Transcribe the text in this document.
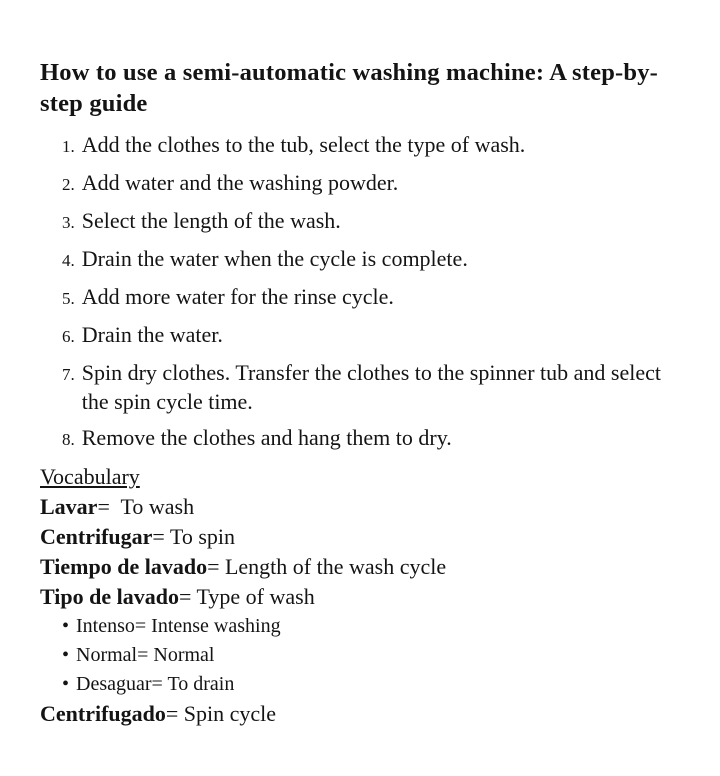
How to use a semi-automatic washing machine: A step-by-step guide
1. Add the clothes to the tub, select the type of wash.
2. Add water and the washing powder.
3. Select the length of the wash.
4. Drain the water when the cycle is complete.
5. Add more water for the rinse cycle.
6. Drain the water.
7. Spin dry clothes. Transfer the clothes to the spinner tub and select the spin cycle time.
8. Remove the clothes and hang them to dry.
Vocabulary
Lavar=  To wash
Centrifugar= To spin
Tiempo de lavado= Length of the wash cycle
Tipo de lavado= Type of wash
• Intenso= Intense washing
• Normal= Normal
• Desaguar= To drain
Centrifugado= Spin cycle
